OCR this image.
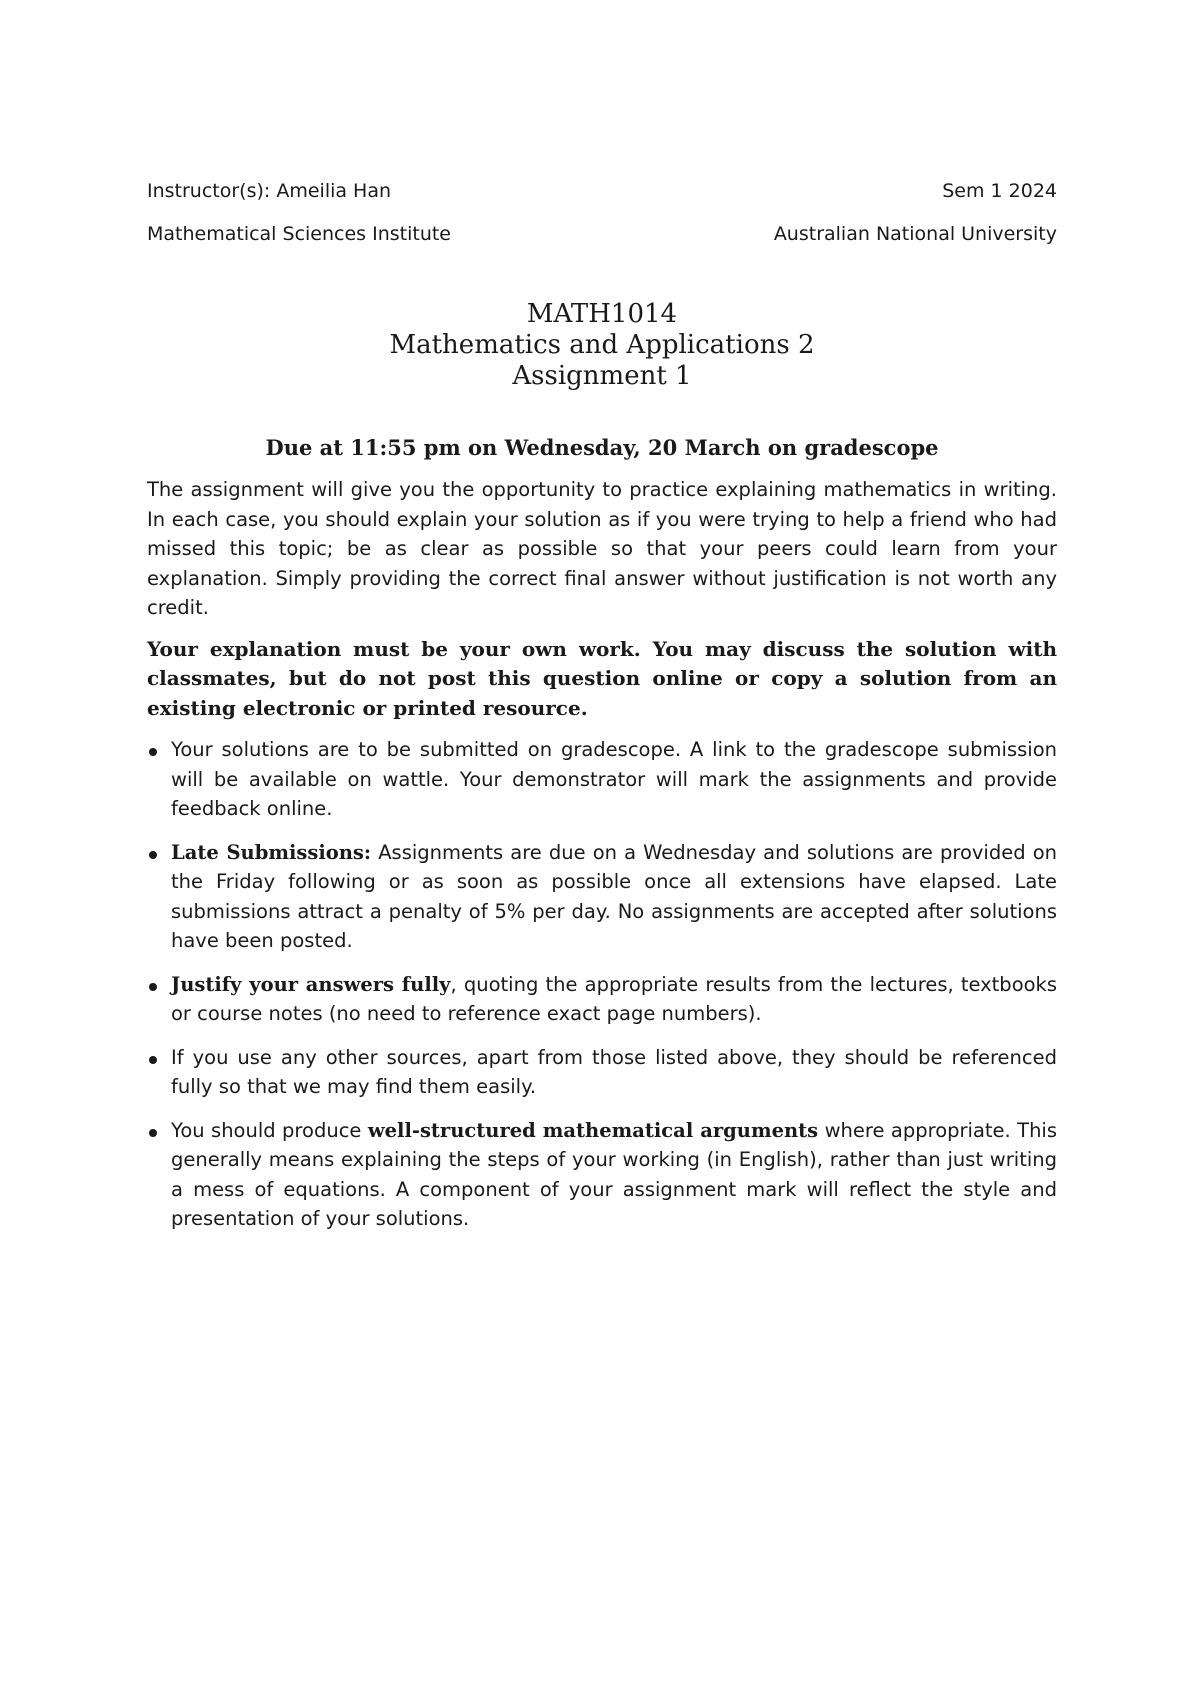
Instructor(s): Ameilia Han	Sem 1 2024
Mathematical Sciences Institute	Australian National University
MATH1014
Mathematics and Applications 2
Assignment 1
Due at 11:55 pm on Wednesday, 20 March on gradescope

The assignment will give you the opportunity to practice explaining mathematics in writing. In each case, you should explain your solution as if you were trying to help a friend who had missed this topic; be as clear as possible so that your peers could learn from your explanation. Simply providing the correct final answer without justification is not worth any credit.

Your explanation must be your own work. You may discuss the solution with classmates, but do not post this question online or copy a solution from an existing electronic or printed resource.

Your solutions are to be submitted on gradescope. A link to the gradescope submission will be available on wattle. Your demonstrator will mark the assignments and provide feedback online.
Late Submissions: Assignments are due on a Wednesday and solutions are provided on the Friday following or as soon as possible once all extensions have elapsed. Late submissions attract a penalty of 5% per day. No assignments are accepted after solutions have been posted.
Justify your answers fully, quoting the appropriate results from the lectures, textbooks or course notes (no need to reference exact page numbers).
If you use any other sources, apart from those listed above, they should be referenced fully so that we may find them easily.
You should produce well-structured mathematical arguments where appropriate. This generally means explaining the steps of your working (in English), rather than just writing a mess of equations. A component of your assignment mark will reflect the style and presentation of your solutions.
